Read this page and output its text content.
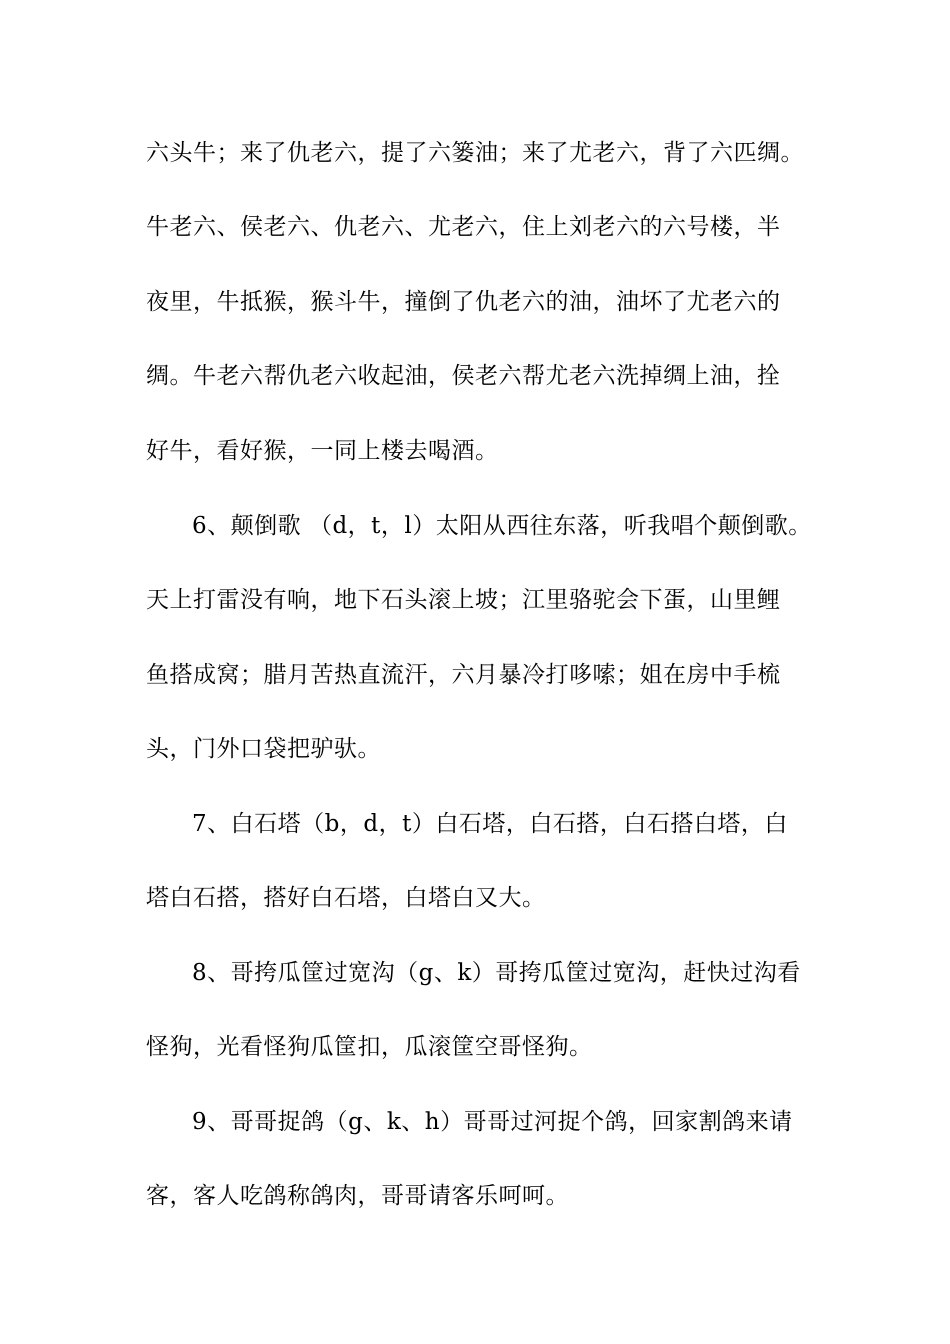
六头牛；来了仇老六，提了六篓油；来了尤老六，背了六匹绸。

牛老六、侯老六、仇老六、尤老六，住上刘老六的六号楼，半

夜里，牛抵猴，猴斗牛，撞倒了仇老六的油，油坏了尤老六的

绸。牛老六帮仇老六收起油，侯老六帮尤老六洗掉绸上油，拴

好牛，看好猴，一同上楼去喝酒。

6、颠倒歌 （d，t，l）太阳从西往东落，听我唱个颠倒歌。

天上打雷没有响，地下石头滚上坡；江里骆驼会下蛋，山里鲤

鱼搭成窝；腊月苦热直流汗，六月暴冷打哆嗦；姐在房中手梳

头，门外口袋把驴驮。

7、白石塔（b，d，t）白石塔，白石搭，白石搭白塔，白

塔白石搭，搭好白石塔，白塔白又大。

8、哥挎瓜筐过宽沟（g、k）哥挎瓜筐过宽沟，赶快过沟看

怪狗，光看怪狗瓜筐扣，瓜滚筐空哥怪狗。

9、哥哥捉鸽（g、k、h）哥哥过河捉个鸽，回家割鸽来请

客，客人吃鸽称鸽肉，哥哥请客乐呵呵。
